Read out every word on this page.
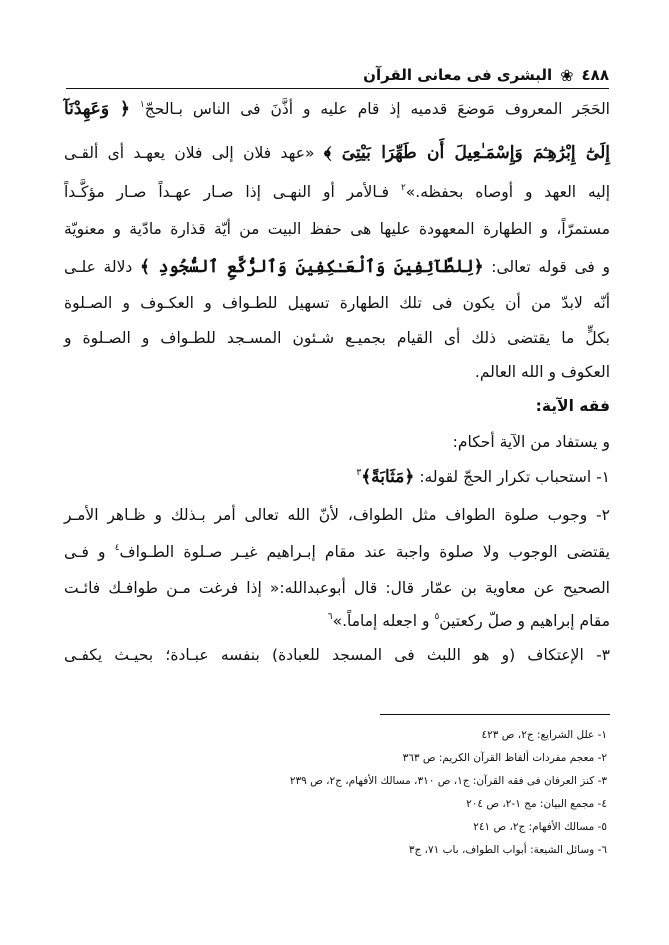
٤٨٨
❀
البشرى فى معانى القرآن
الحَجَر المعروف مَوضعَ قدميه إذ قام عليه و أذَّنَ فى الناس بـالحجّ$^١$ ﴿ وَعَهِدْنَآ
إِلَىٰٓ إِبْرَٰهِـۧمَ وَإِسْمَـٰعِيلَ أَن طَهِّرَا بَيْتِىَ ﴾ «عهد فلان إلى فلان يعهـد أى ألقـى
إليه العهد و أوصاه بحفظه.»$^٢$ فـالأمر أو النهـى إذا صـار عهـداً صـار مؤكَّـداً
مستمرّاً، و الطهارة المعهودة عليها هى حفظ البيت من أيّة قذارة مادّية و معنويّة
و فى قوله تعالى: ﴿لِلطَّآئِفِينَ وَٱلْعَـٰكِفِينَ وَٱلرُّكَّعِ ٱلسُّجُودِ ﴾ دلالة علـى
أنّه لابدّ من أن يكون فى تلك الطهارة تسهيل للطـواف و العكـوف و الصـلوة
بكلٍّ ما يقتضى ذلك أى القيام بجميـع شـئون المسـجد للطـواف و الصـلوة و
العكوف و الله العالم.
فقه الآية:
و يستفاد من الآية أحكام:
١- استحباب تكرار الحجّ لقوله: ﴿مَثَابَةً﴾$^٣$
٢- وجوب صلوة الطواف مثل الطواف، لأنّ الله تعالى أمر بـذلك و ظـاهر الأمـر
يقتضى الوجوب ولا صلوة واجبة عند مقام إبـراهيم غيـر صـلوة الطـواف$^٤$ و فـى
الصحيح عن معاوية بن عمّار قال: قال أبوعبدالله:« إذا فرغت مـن طوافـك فائـت
مقام إبراهيم و صلّ ركعتين$^٥$ و اجعله إماماً.»$^٦$
٣- الإعتكاف (و هو اللبث فى المسجد للعبادة) بنفسه عبـادة؛ بحيـث يكفـى
١- علل الشرايع: ج٢، ص ٤٢٣
٢- معجم مفردات ألفاظ القرآن الكريم: ص ٣٦٣
٣- كنز العرفان فى فقه القرآن: ج١، ص ٣١٠، مسالك الأفهام، ج٢، ص ٢٣٩
٤- مجمع البيان: مج ١-٢، ص ٢٠٤
٥- مسالك الأفهام: ج٢، ص ٢٤١
٦- وسائل الشيعة: أبواب الطواف، باب ٧١، ج٣
